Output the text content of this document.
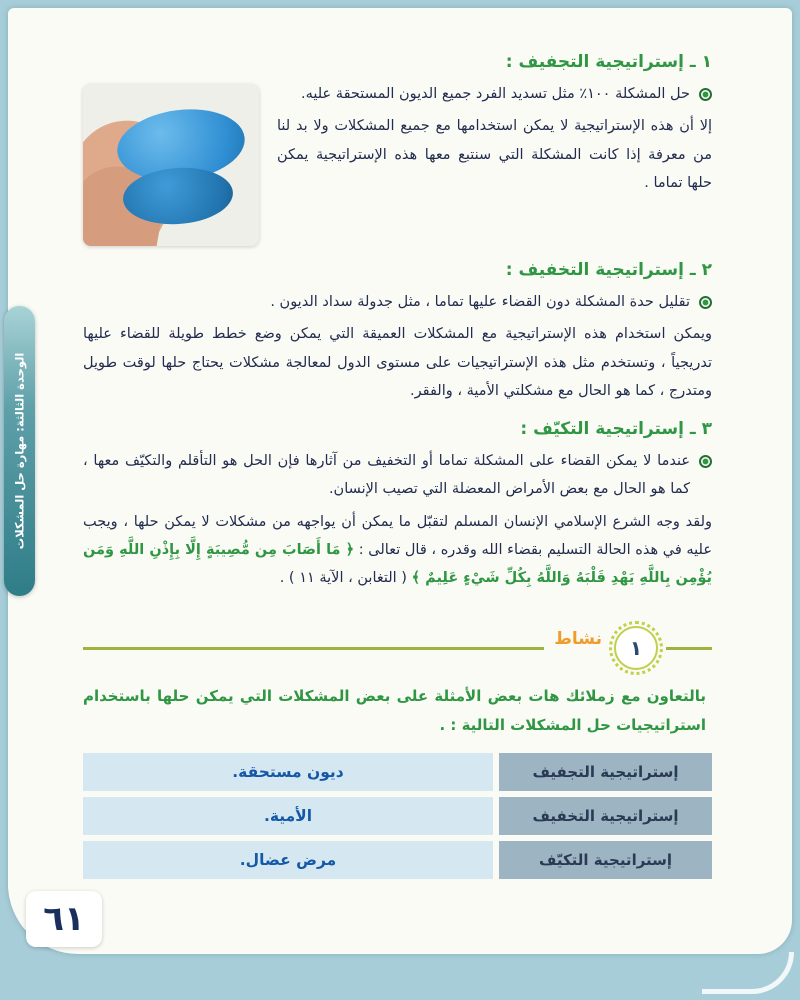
١ ـ إستراتيجية التجفيف :
حل المشكلة ١٠٠٪ مثل تسديد الفرد جميع الديون المستحقة عليه.

إلا أن هذه الإستراتيجية لا يمكن استخدامها مع جميع المشكلات ولا بد لنا من معرفة إذا كانت المشكلة التي سنتبع معها هذه الإستراتيجية يمكن حلها تماما .

٢ ـ إستراتيجية التخفيف :
تقليل حدة المشكلة دون القضاء عليها تماما ، مثل جدولة سداد الديون .

ويمكن استخدام هذه الإستراتيجية مع المشكلات العميقة التي يمكن وضع خطط طويلة للقضاء عليها تدريجياً ، وتستخدم مثل هذه الإستراتيجيات على مستوى الدول لمعالجة مشكلات يحتاج حلها لوقت طويل ومتدرج ، كما هو الحال مع مشكلتي الأمية ، والفقر.

٣ ـ إستراتيجية التكيّف :
عندما لا يمكن القضاء على المشكلة تماما أو التخفيف من آثارها فإن الحل هو التأقلم والتكيّف معها ، كما هو الحال مع بعض الأمراض المعضلة التي تصيب الإنسان.

ولقد وجه الشرع الإسلامي الإنسان المسلم لتقبّل ما يمكن أن يواجهه من مشكلات لا يمكن حلها ، ويجب عليه في هذه الحالة التسليم بقضاء الله وقدره ، قال تعالى : ﴿ مَا أَصَابَ مِن مُّصِيبَةٍ إِلَّا بِإِذْنِ اللَّهِ وَمَن يُؤْمِن بِاللَّهِ يَهْدِ قَلْبَهُ وَاللَّهُ بِكُلِّ شَيْءٍ عَلِيمٌ ﴾ ( التغابن ، الآية ١١ ) .

١
نشاط

بالتعاون مع زملائك هات بعض الأمثلة على بعض المشكلات التي يمكن حلها باستخدام استراتيجيات حل المشكلات التالية : .

إستراتيجية التجفيف
ديون مستحقة.
إستراتيجية التخفيف
الأمية.
إستراتيجية التكيّف
مرض عضال.
الوحدة الثالثة: مهارة حل المشكلات
٦١
